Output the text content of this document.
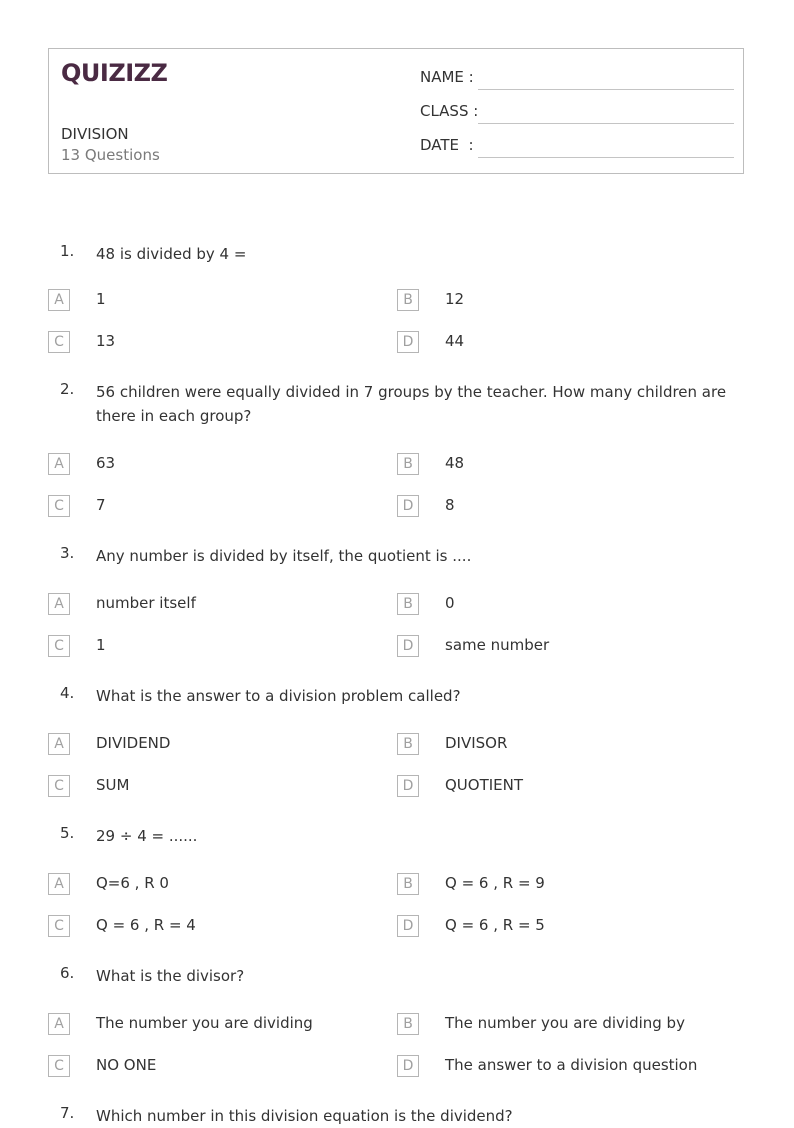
QUIZIZZ
DIVISION
13 Questions
NAME :
CLASS :
DATE  :
1. 48 is divided by 4 =
A	1	B	12
C	13	D	44
2. 56 children were equally divided in 7 groups by the teacher. How many children are there in each group?
A	63	B	48
C	7	D	8
3. Any number is divided by itself, the quotient is ....
A	number itself	B	0
C	1	D	same number
4. What is the answer to a division problem called?
A	DIVIDEND	B	DIVISOR
C	SUM	D	QUOTIENT
5. 29 ÷ 4 = ......
A	Q=6 , R 0	B	Q = 6 , R = 9
C	Q = 6 , R = 4	D	Q = 6 , R = 5
6. What is the divisor?
A	The number you are dividing	B	The number you are dividing by
C	NO ONE	D	The answer to a division question
7. Which number in this division equation is the dividend?
